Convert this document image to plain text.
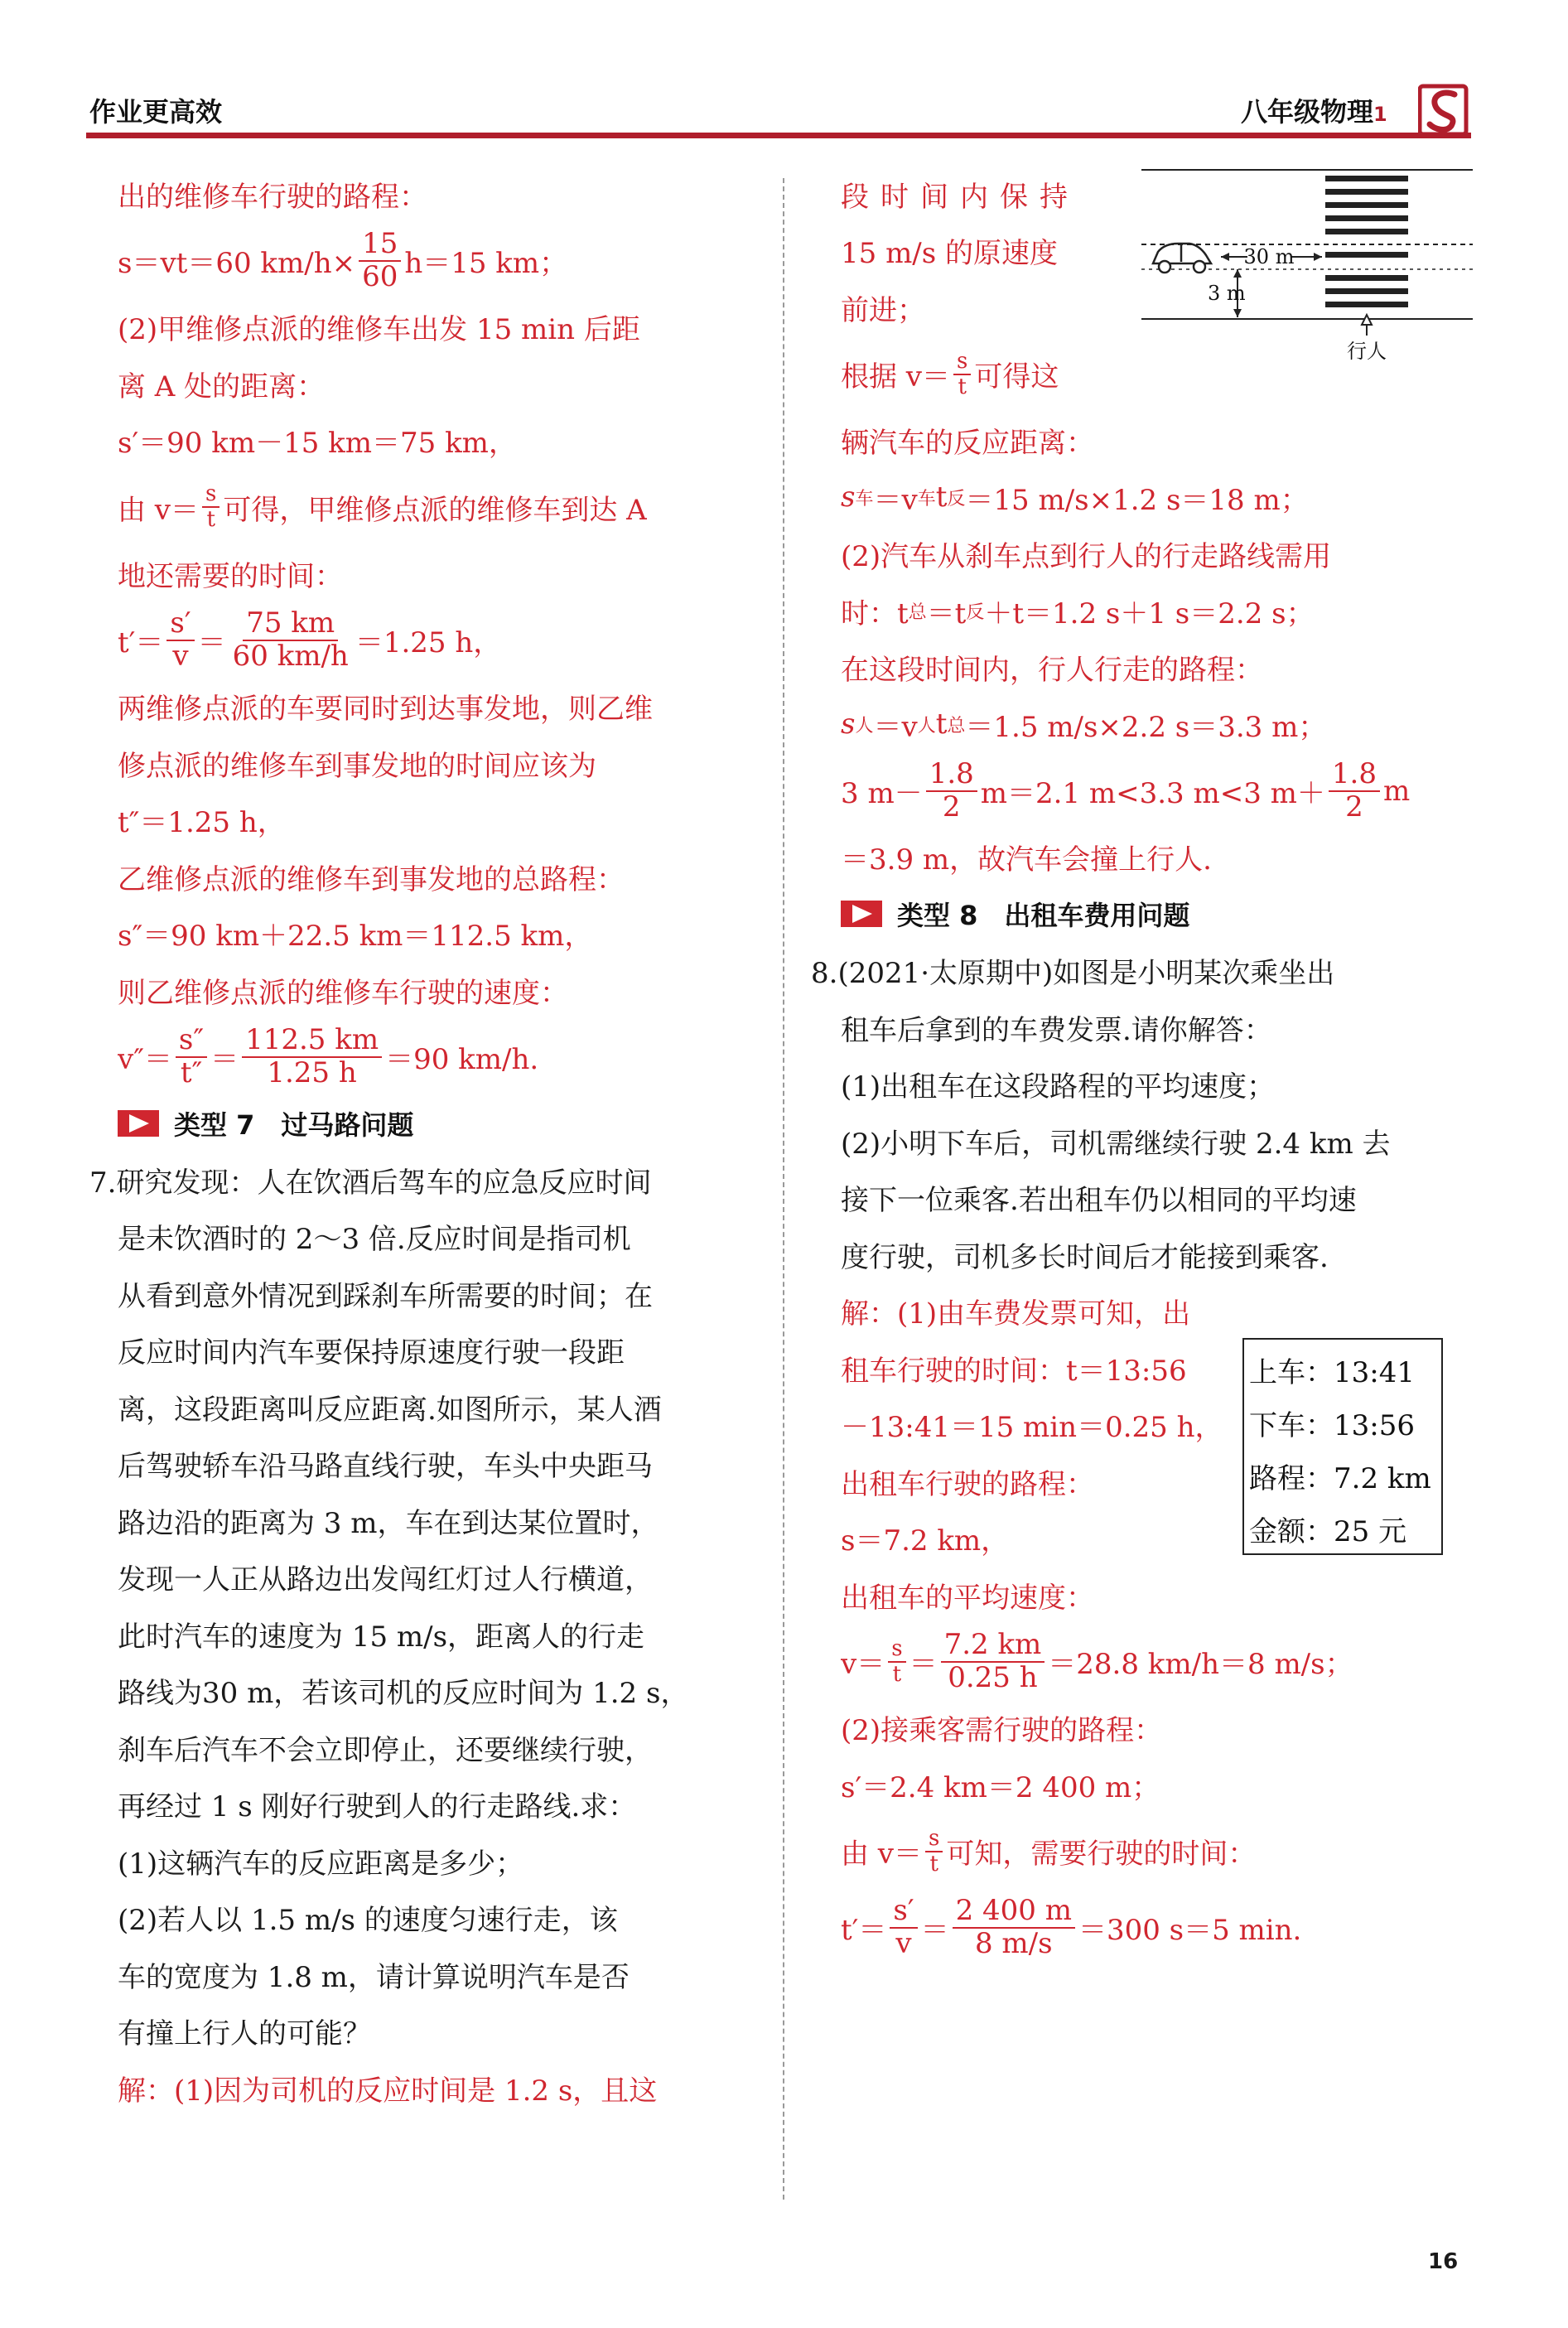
作业更高效	八年级物理1
出的维修车行驶的路程：
s＝vt＝60 $km/h\times \frac{15}{60} h=15$ km；
(2)甲维修点派的维修车出发 15 min 后距
离 A 处的距离：
s′＝90 km－15 km＝75 km，
由 $v= \frac{s}{t}$ 可得，甲维修点派的维修车到达 A
地还需要的时间：
$t'= \frac{s'}{v} = \frac{75 km}{60 km/h} =1.25$ h，
两维修点派的车要同时到达事发地，则乙维
修点派的维修车到事发地的时间应该为
t″＝1.25 h，
乙维修点派的维修车到事发地的总路程：
s″＝90 km＋22.5 km＝112.5 km，
则乙维修点派的维修车行驶的速度：
$v''= \frac{s''}{t''} = \frac{112.5 km}{1.25 h} =90$ km/h.
类型 7　过马路问题
7.研究发现：人在饮酒后驾车的应急反应时间
是未饮酒时的 2～3 倍.反应时间是指司机
从看到意外情况到踩刹车所需要的时间；在
反应时间内汽车要保持原速度行驶一段距
离，这段距离叫反应距离.如图所示，某人酒
后驾驶轿车沿马路直线行驶，车头中央距马
路边沿的距离为 3 m，车在到达某位置时，
发现一人正从路边出发闯红灯过人行横道，
此时汽车的速度为 15 m/s，距离人的行走
路线为30 m，若该司机的反应时间为 1.2 s，
刹车后汽车不会立即停止，还要继续行驶，
再经过 1 s 刚好行驶到人的行走路线.求：
(1)这辆汽车的反应距离是多少；
(2)若人以 1.5 m/s 的速度匀速行走，该
车的宽度为 1.8 m，请计算说明汽车是否
有撞上行人的可能？
解：(1)因为司机的反应时间是 1.2 s，且这
段时间内保持
15 m/s 的原速度
前进；
根据 $v= \frac{s}{t}$ 可得这
辆汽车的反应距离：
s 车 ＝v 车 t 反 ＝15 m/s×1.2 s＝18 m；
(2)汽车从刹车点到行人的行走路线需用
时：t 总 ＝t 反 ＋t＝1.2 s＋1 s＝2.2 s；
在这段时间内，行人行走的路程：
s 人 ＝v 人 t 总 ＝1.5 m/s×2.2 s＝3.3 m；
3 $m- \frac{1.8}{2} m=2.1$ m<3.3 m<3 $m+ \frac{1.8}{2}$ m
＝3.9 m，故汽车会撞上行人.
类型 8　出租车费用问题
8.(2021·太原期中)如图是小明某次乘坐出
租车后拿到的车费发票.请你解答：
(1)出租车在这段路程的平均速度；
(2)小明下车后，司机需继续行驶 2.4 km 去
接下一位乘客.若出租车仍以相同的平均速
度行驶，司机多长时间后才能接到乘客.
解：(1)由车费发票可知，出
租车行驶的时间：t＝13:56
－13:41＝15 min＝0.25 h，
出租车行驶的路程：
s＝7.2 km，
出租车的平均速度：
$v= \frac{s}{t} = \frac{7.2 km}{0.25 h} =28.8$ km/h＝8 m/s；
(2)接乘客需行驶的路程：
s′＝2.4 km＝2 400 m；
由 $v= \frac{s}{t}$ 可知，需要行驶的时间：
$t'= \frac{s'}{v} = \frac{2 400 m}{8 m/s} =300$ s＝5 min.
30 m
3 m
行人
上车：13:41
下车：13:56
路程：7.2 km
金额：25 元
16
